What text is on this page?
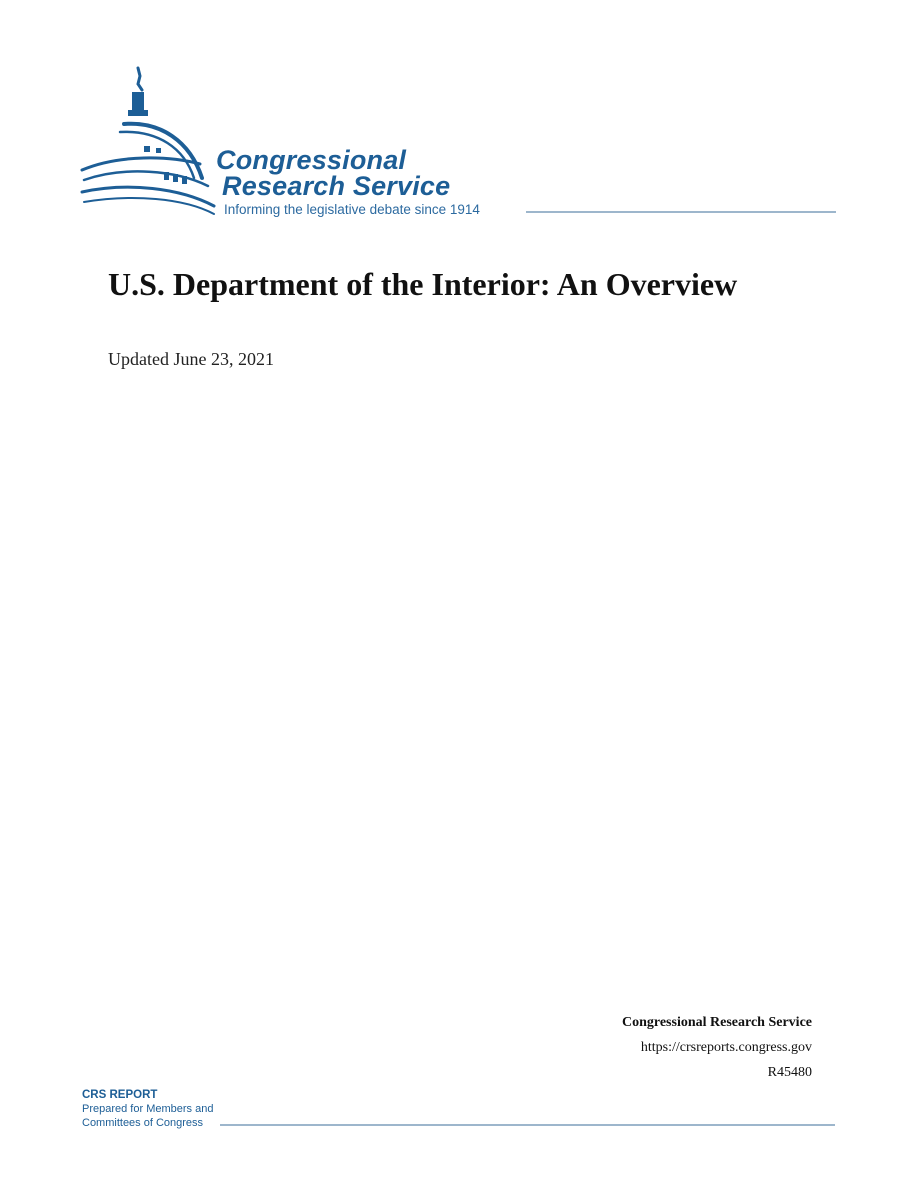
Congressional
Research Service
Informing the legislative debate since 1914
U.S. Department of the Interior: An Overview
Updated June 23, 2021
Congressional Research Service
https://crsreports.congress.gov
R45480
CRS REPORT
Prepared for Members and
Committees of Congress
